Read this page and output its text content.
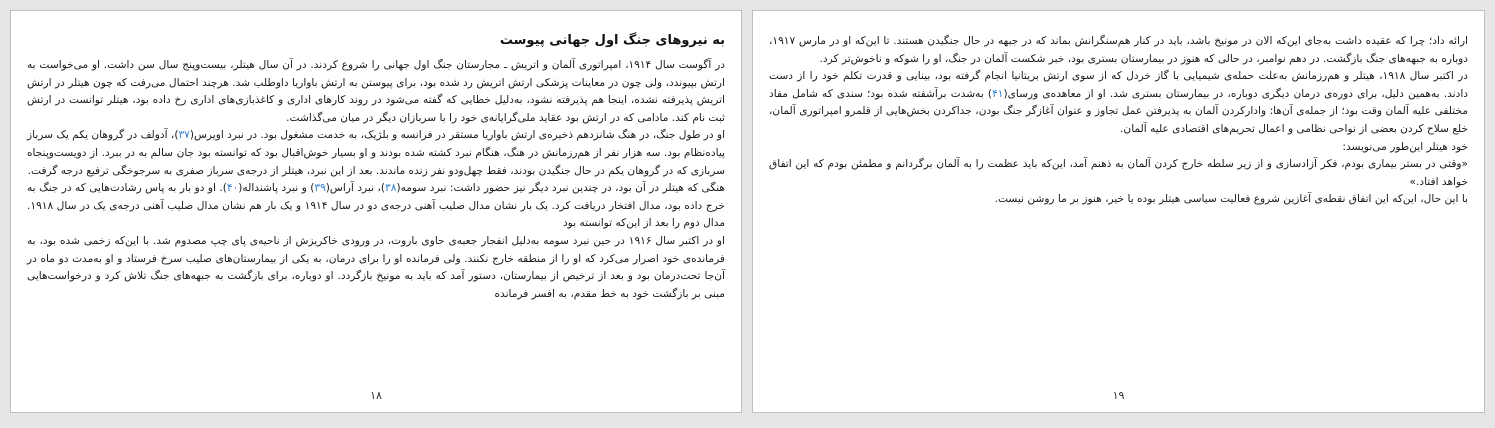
به نیروهای جنگ اول جهانی پیوست

در آگوست سال ۱۹۱۴، امپراتوری آلمان و اتریش ـ مجارستان جنگ اول جهانی را شروع کردند. در آن سال هیتلر، بیست‌وپنج سال سن داشت. او می‌خواست به ارتش بپیوندد، ولی چون در معاینات پزشکی ارتش اتریش رد شده بود، برای پیوستن به ارتش باواریا داوطلب شد. هرچند احتمال می‌رفت که چون هیتلر در ارتش اتریش پذیرفته نشده، اینجا هم پذیرفته نشود، به‌دلیل خطایی که گفته می‌شود در روند کارهای اداری و کاغذبازی‌های اداری رخ داده بود، هیتلر توانست در ارتش ثبت نام کند. مادامی که در ارتش بود عقاید ملی‌گرایانه‌ی خود را با سربازان دیگر در میان می‌گذاشت.

او در طول جنگ، در هنگ شانزدهم ذخیره‌ی ارتش باواریا مستقر در فرانسه و بلژیک، به خدمت مشغول بود. در نبرد اویرس(۳۷)، آدولف در گروهان یکم یک سرباز پیاده‌نظام بود. سه هزار نفر از هم‌رزمانش در هنگ، هنگام نبرد کشته شده بودند و او بسیار خوش‌اقبال بود که توانسته بود جان سالم به در ببرد. از دویست‌وپنجاه سربازی که در گروهان یکم در حال جنگیدن بودند، فقط چهل‌ودو نفر زنده ماندند. بعد از این نبرد، هیتلر از درجه‌ی سرباز صفری به سرجوخگی ترفیع درجه گرفت.

هنگی که هیتلر در آن بود، در چندین نبرد دیگر نیز حضور داشت: نبرد سومه(۳۸)، نبرد آراس(۳۹) و نبرد پاشنداله(۴۰). او دو بار به پاس رشادت‌هایی که در جنگ به خرج داده بود، مدال افتخار دریافت کرد. یک بار نشان مدال صلیب آهنی درجه‌ی دو در سال ۱۹۱۴ و یک بار هم نشان مدال صلیب آهنی درجه‌ی یک در سال ۱۹۱۸. مدال دوم را بعد از این‌که توانسته بود

او در اکتبر سال ۱۹۱۶ در حین نبرد سومه به‌دلیل انفجار جعبه‌ی حاوی باروت، در ورودی خاکریزش از ناحیه‌ی پای چپ مصدوم شد. با این‌که زخمی شده بود، به فرمانده‌ی خود اصرار می‌کرد که او را از منطقه خارج نکنند. ولی فرمانده او را برای درمان، به یکی از بیمارستان‌های صلیب سرخ فرستاد و او به‌مدت دو ماه در آن‌جا تحت‌درمان بود و بعد از ترخیص از بیمارستان، دستور آمد که باید به مونیخ بازگردد. او دوباره، برای بازگشت به جبهه‌های جنگ تلاش کرد و درخواست‌هایی مبنی بر بازگشت خود به خط مقدم، به افسر فرمانده

۱۸

ارائه داد؛ چرا که عقیده داشت به‌جای این‌که الان در مونیخ باشد، باید در کنار هم‌سنگرانش بماند که در جبهه در حال جنگیدن هستند. تا این‌که او در مارس ۱۹۱۷، دوباره به جبهه‌های جنگ بازگشت. در دهم نوامبر، در حالی که هنوز در بیمارستان بستری بود، خبر شکست آلمان در جنگ، او را شوکه و ناخوش‌تر کرد.

در اکتبر سال ۱۹۱۸، هیتلر و هم‌رزمانش به‌علت حمله‌ی شیمیایی با گاز خردل که از سوی ارتش بریتانیا انجام گرفته بود، بینایی و قدرت تکلم خود را از دست دادند. به‌همین دلیل، برای دوره‌ی درمان دیگری دوباره، در بیمارستان بستری شد. او از معاهده‌ی ورسای(۴۱) به‌شدت برآشفته شده بود؛ سندی که شامل مفاد مختلفی علیه آلمان وقت بود؛ از جمله‌ی آن‌ها: وادارکردن آلمان به پذیرفتن عمل تجاوز و عنوان آغازگر جنگ بودن، جداکردن بخش‌هایی از قلمرو امپراتوری آلمان، خلع سلاح کردن بعضی از نواحی نظامی و اعمال تحریم‌های اقتصادی علیه آلمان.

خود هیتلر این‌طور می‌نویسد:

«وقتی در بستر بیماری بودم، فکر آزادسازی و از زیر سلطه خارج کردن آلمان به ذهنم آمد، این‌که باید عظمت را به آلمان برگردانم و مطمئن بودم که این اتفاق خواهد افتاد.»

با این حال، این‌که این اتفاق نقطه‌ی آغازین شروع فعالیت سیاسی هیتلر بوده یا خیر، هنوز بر ما روشن نیست.

۱۹
